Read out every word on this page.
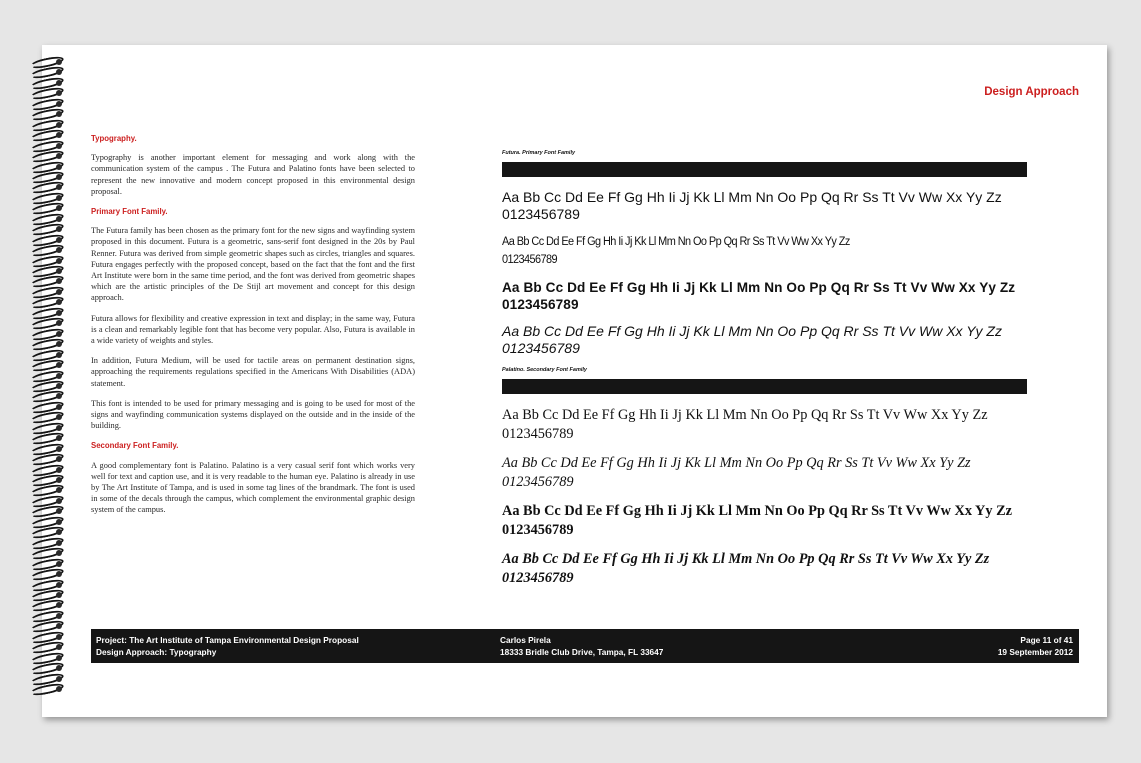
Design Approach
Typography.

Typography is another important element for messaging and work along with the communication system of the campus . The Futura and Palatino fonts have been selected to represent the new innovative and modern concept proposed in this environmental design proposal.

Primary Font Family.

The Futura family has been chosen as the primary font for the new signs and wayfinding system proposed in this document. Futura is a geometric, sans-serif font designed in the 20s by Paul Renner. Futura was derived from simple geometric shapes such as circles, triangles and squares. Futura engages perfectly with the proposed concept, based on the fact that the font and the first Art Institute were born in the same time period, and the font was derived from geometric shapes which are the artistic principles of the De Stijl art movement and concept for this design approach.

Futura allows for flexibility and creative expression in text and display; in the same way, Futura is a clean and remarkably legible font that has become very popular. Also, Futura is available in a wide variety of weights and styles.

In addition, Futura Medium, will be used for tactile areas on permanent destination signs, approaching the requirements regulations specified in the Americans With Disabilities (ADA) statement.

This font is intended to be used for primary messaging and is going to be used for most of the signs and wayfinding communication systems displayed on the outside and in the inside of the building.

Secondary Font Family.

A good complementary font is Palatino. Palatino is a very casual serif font which works very well for text and caption use, and it is very readable to the human eye. Palatino is already in use by The Art Institute of Tampa, and is used in some tag lines of the brandmark. The font is used in some of the decals through the campus, which complement the environmental graphic design system of the campus.

Futura. Primary Font Family
Aa Bb Cc Dd Ee Ff Gg Hh Ii Jj Kk Ll Mm Nn Oo Pp Qq Rr Ss Tt Vv Ww Xx Yy Zz
0123456789
Aa Bb Cc Dd Ee Ff Gg Hh Ii Jj Kk Ll Mm Nn Oo Pp Qq Rr Ss Tt Vv Ww Xx Yy Zz
0123456789
Aa Bb Cc Dd Ee Ff Gg Hh Ii Jj Kk Ll Mm Nn Oo Pp Qq Rr Ss Tt Vv Ww Xx Yy Zz
0123456789
Aa Bb Cc Dd Ee Ff Gg Hh Ii Jj Kk Ll Mm Nn Oo Pp Qq Rr Ss Tt Vv Ww Xx Yy Zz
0123456789
Palatino. Secondary Font Family
Aa Bb Cc Dd Ee Ff Gg Hh Ii Jj Kk Ll Mm Nn Oo Pp Qq Rr Ss Tt Vv Ww Xx Yy Zz
0123456789
Aa Bb Cc Dd Ee Ff Gg Hh Ii Jj Kk Ll Mm Nn Oo Pp Qq Rr Ss Tt Vv Ww Xx Yy Zz
0123456789
Aa Bb Cc Dd Ee Ff Gg Hh Ii Jj Kk Ll Mm Nn Oo Pp Qq Rr Ss Tt Vv Ww Xx Yy Zz
0123456789
Aa Bb Cc Dd Ee Ff Gg Hh Ii Jj Kk Ll Mm Nn Oo Pp Qq Rr Ss Tt Vv Ww Xx Yy Zz
0123456789
Project: The Art Institute of Tampa Environmental Design Proposal
Design Approach: Typography
Carlos Pirela
18333 Bridle Club Drive, Tampa, FL 33647
Page 11 of 41
19 September 2012
